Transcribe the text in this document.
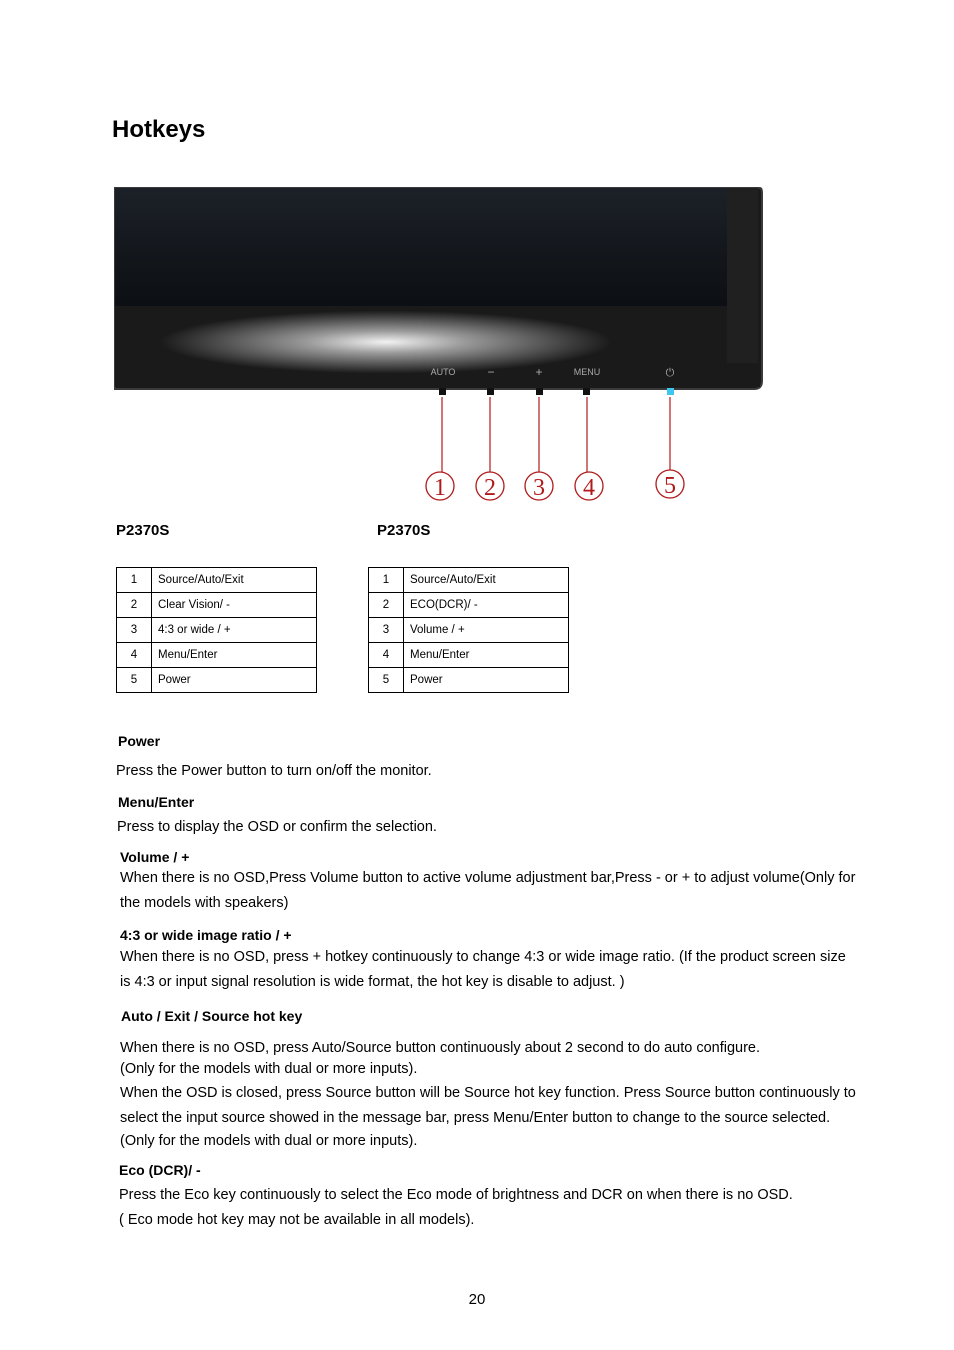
Hotkeys
AUTO	−	+	MENU	⏻
1 2 3 4	5
P2370S	P2370S
1	Source/Auto/Exit
2	Clear Vision/ -
3	4:3 or wide / +
4	Menu/Enter
5	Power
1	Source/Auto/Exit
2	ECO(DCR)/ -
3	Volume / +
4	Menu/Enter
5	Power
Power
Press the Power button to turn on/off the monitor.
Menu/Enter
Press to display the OSD or confirm the selection.
Volume / +
When there is no OSD,Press Volume button to active volume adjustment bar,Press - or + to adjust volume(Only for
the models with speakers)
4:3 or wide image ratio / +
When there is no OSD, press + hotkey continuously to change 4:3 or wide image ratio. (If the product screen size
is 4:3 or input signal resolution is wide format, the hot key is disable to adjust. )
Auto / Exit / Source hot key
When there is no OSD, press Auto/Source button continuously about 2 second to do auto configure.
(Only for the models with dual or more inputs).
When the OSD is closed, press Source button will be Source hot key function. Press Source button continuously to
select the input source showed in the message bar, press Menu/Enter button to change to the source selected.
(Only for the models with dual or more inputs).
Eco (DCR)/ -
Press the Eco key continuously to select the Eco mode of brightness and DCR on when there is no OSD.
( Eco mode hot key may not be available in all models).
20
